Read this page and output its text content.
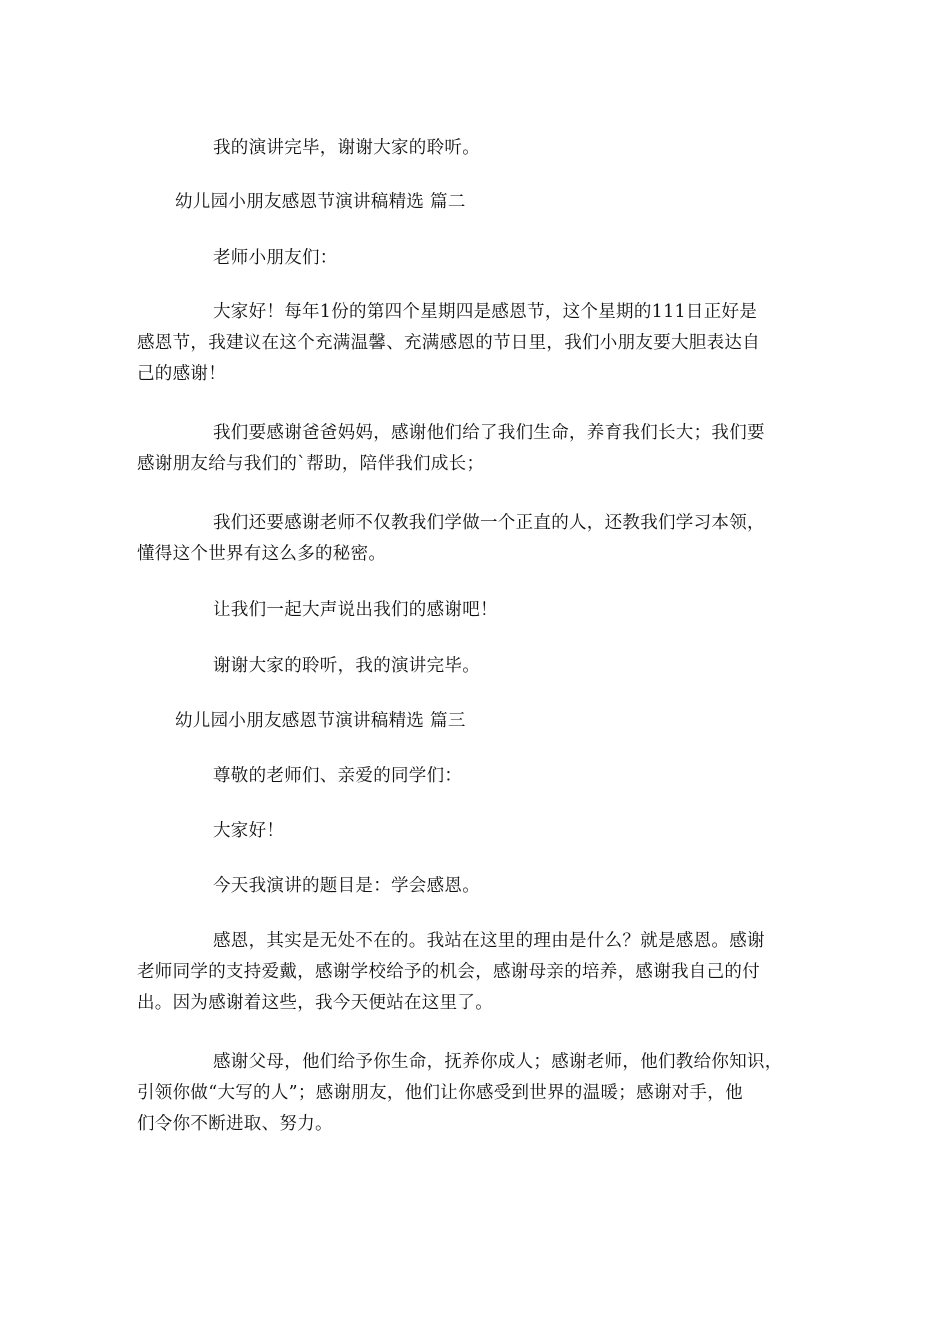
我的演讲完毕，谢谢大家的聆听。

幼儿园小朋友感恩节演讲稿精选 篇二

老师小朋友们：

大家好！每年1份的第四个星期四是感恩节，这个星期的111日正好是
感恩节，我建议在这个充满温馨、充满感恩的节日里，我们小朋友要大胆表达自
己的感谢！

我们要感谢爸爸妈妈，感谢他们给了我们生命，养育我们长大；我们要
感谢朋友给与我们的`帮助，陪伴我们成长；

我们还要感谢老师不仅教我们学做一个正直的人，还教我们学习本领，
懂得这个世界有这么多的秘密。

让我们一起大声说出我们的感谢吧！

谢谢大家的聆听，我的演讲完毕。

幼儿园小朋友感恩节演讲稿精选 篇三

尊敬的老师们、亲爱的同学们：

大家好！

今天我演讲的题目是：学会感恩。

感恩，其实是无处不在的。我站在这里的理由是什么？就是感恩。感谢
老师同学的支持爱戴，感谢学校给予的机会，感谢母亲的培养，感谢我自己的付
出。因为感谢着这些，我今天便站在这里了。

感谢父母，他们给予你生命，抚养你成人；感谢老师，他们教给你知识，
引领你做“大写的人”；感谢朋友，他们让你感受到世界的温暖；感谢对手，他
们令你不断进取、努力。
